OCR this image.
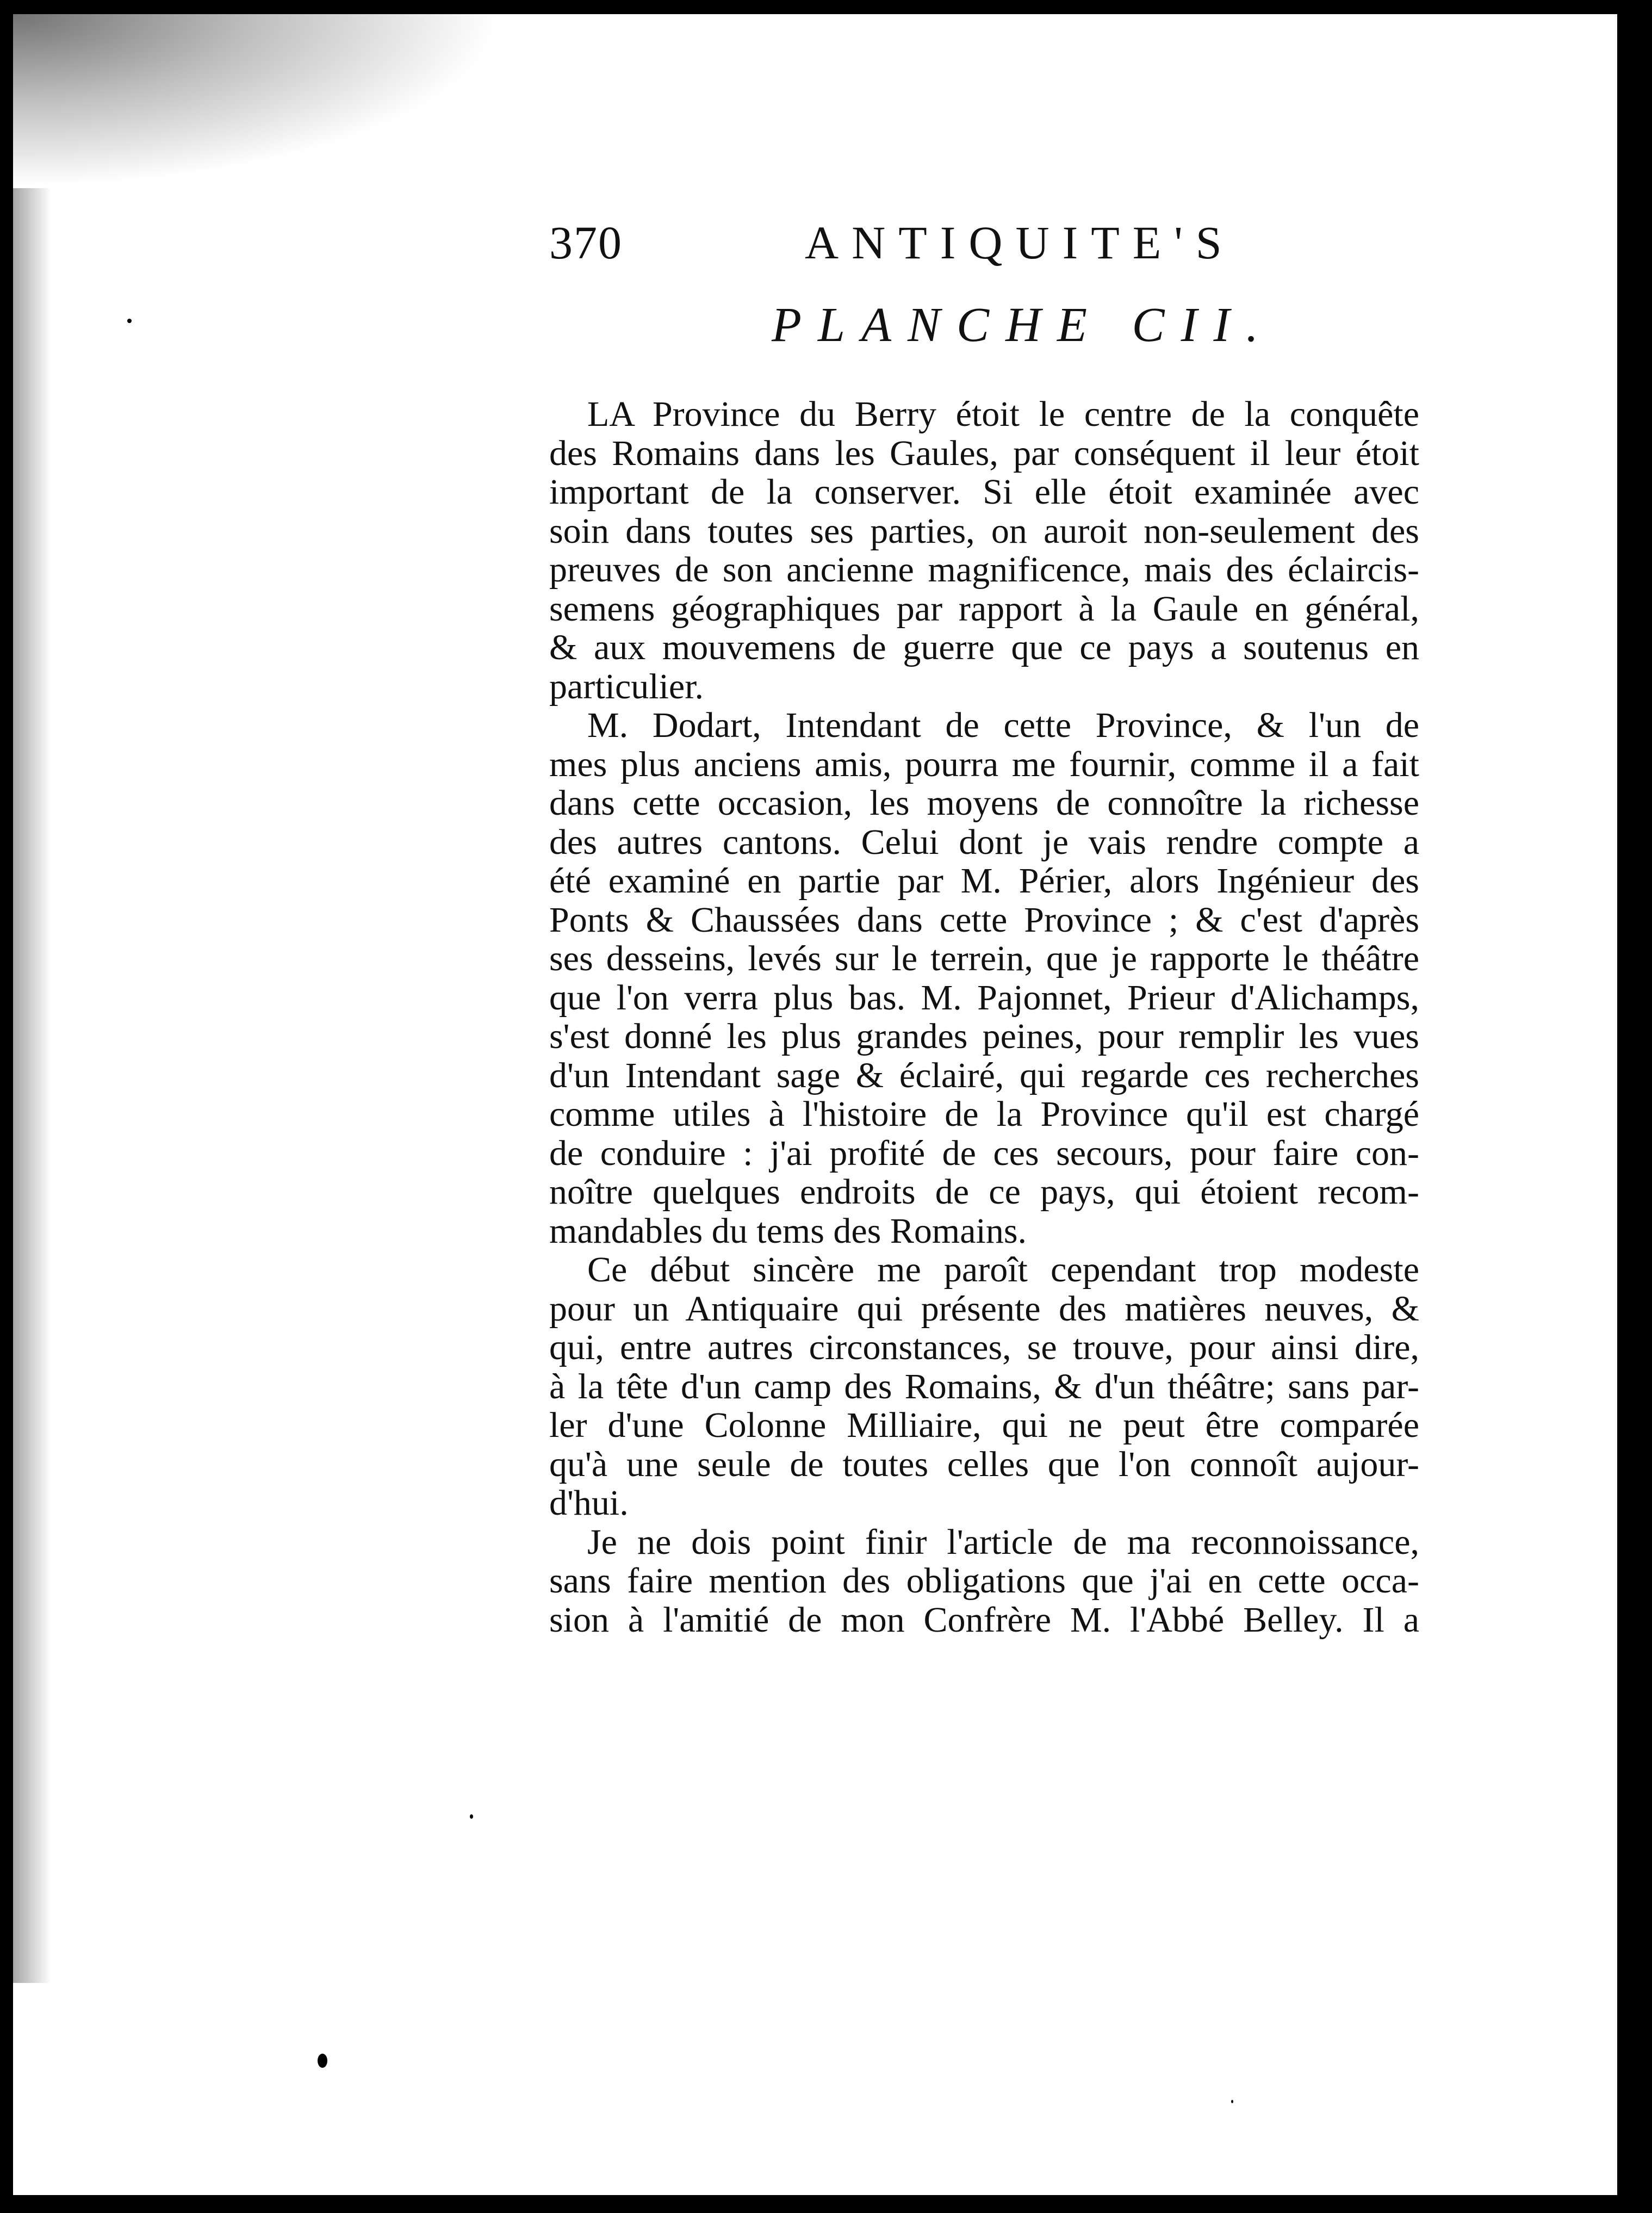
370	ANTIQUITE'S
PLANCHE CII.
LA Province du Berry étoit le centre de la conquête
des Romains dans les Gaules, par conséquent il leur étoit
important de la conserver. Si elle étoit examinée avec
soin dans toutes ses parties, on auroit non-seulement des
preuves de son ancienne magnificence, mais des éclaircis-
semens géographiques par rapport à la Gaule en général,
& aux mouvemens de guerre que ce pays a soutenus en
particulier.
M. Dodart, Intendant de cette Province, & l'un de
mes plus anciens amis, pourra me fournir, comme il a fait
dans cette occasion, les moyens de connoître la richesse
des autres cantons. Celui dont je vais rendre compte a
été examiné en partie par M. Périer, alors Ingénieur des
Ponts & Chaussées dans cette Province ; & c'est d'après
ses desseins, levés sur le terrein, que je rapporte le théâtre
que l'on verra plus bas. M. Pajonnet, Prieur d'Alichamps,
s'est donné les plus grandes peines, pour remplir les vues
d'un Intendant sage & éclairé, qui regarde ces recherches
comme utiles à l'histoire de la Province qu'il est chargé
de conduire : j'ai profité de ces secours, pour faire con-
noître quelques endroits de ce pays, qui étoient recom-
mandables du tems des Romains.
Ce début sincère me paroît cependant trop modeste
pour un Antiquaire qui présente des matières neuves, &
qui, entre autres circonstances, se trouve, pour ainsi dire,
à la tête d'un camp des Romains, & d'un théâtre; sans par-
ler d'une Colonne Milliaire, qui ne peut être comparée
qu'à une seule de toutes celles que l'on connoît aujour-
d'hui.
Je ne dois point finir l'article de ma reconnoissance,
sans faire mention des obligations que j'ai en cette occa-
sion à l'amitié de mon Confrère M. l'Abbé Belley. Il a
